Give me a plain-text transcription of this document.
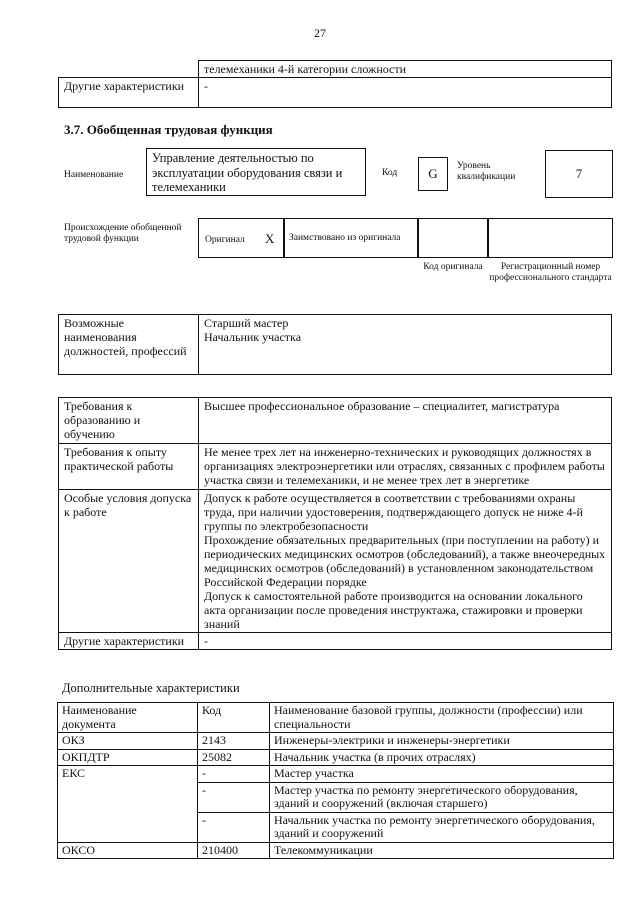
27
	телемеханики 4-й категории сложности
Другие характеристики	-
3.7. Обобщенная трудовая функция
Наименование
Управление деятельностью по эксплуатации оборудования связи и телемеханики
Код	G	Уровень квалификации	7
Происхождение обобщенной трудовой функции	Оригинал X	Заимствовано из оригинала
Код оригинала	Регистрационный номер профессионального стандарта
Возможные наименования должностей, профессий	
Старший мастер
Начальник участка
Требования к образованию и обучению	Высшее профессиональное образование – специалитет, магистратура
Требования к опыту практической работы	Не менее трех лет на инженерно-технических и руководящих должностях в организациях электроэнергетики или отраслях, связанных с профилем работы участка связи и телемеханики, и не менее трех лет в энергетике
Особые условия допуска к работе	Допуск к работе осуществляется в соответствии с требованиями охраны труда, при наличии удостоверения, подтверждающего допуск не ниже 4-й группы по электробезопасности
Прохождение обязательных предварительных (при поступлении на работу) и периодических медицинских осмотров (обследований), а также внеочередных медицинских осмотров (обследований) в установленном законодательством Российской Федерации порядке
Допуск к самостоятельной работе производится на основании локального акта организации после проведения инструктажа, стажировки и проверки знаний

Другие характеристики	-
Дополнительные характеристики
Наименование документа	Код	Наименование базовой группы, должности (профессии) или специальности
ОКЗ	2143	Инженеры-электрики и инженеры-энергетики
ОКПДТР	25082	Начальник участка (в прочих отраслях)
ЕКС	-	Мастер участка
	-	Мастер участка по ремонту энергетического оборудования, зданий и сооружений (включая старшего)
	-	Начальник участка по ремонту энергетического оборудования, зданий и сооружений
ОКСО	210400	Телекоммуникации
